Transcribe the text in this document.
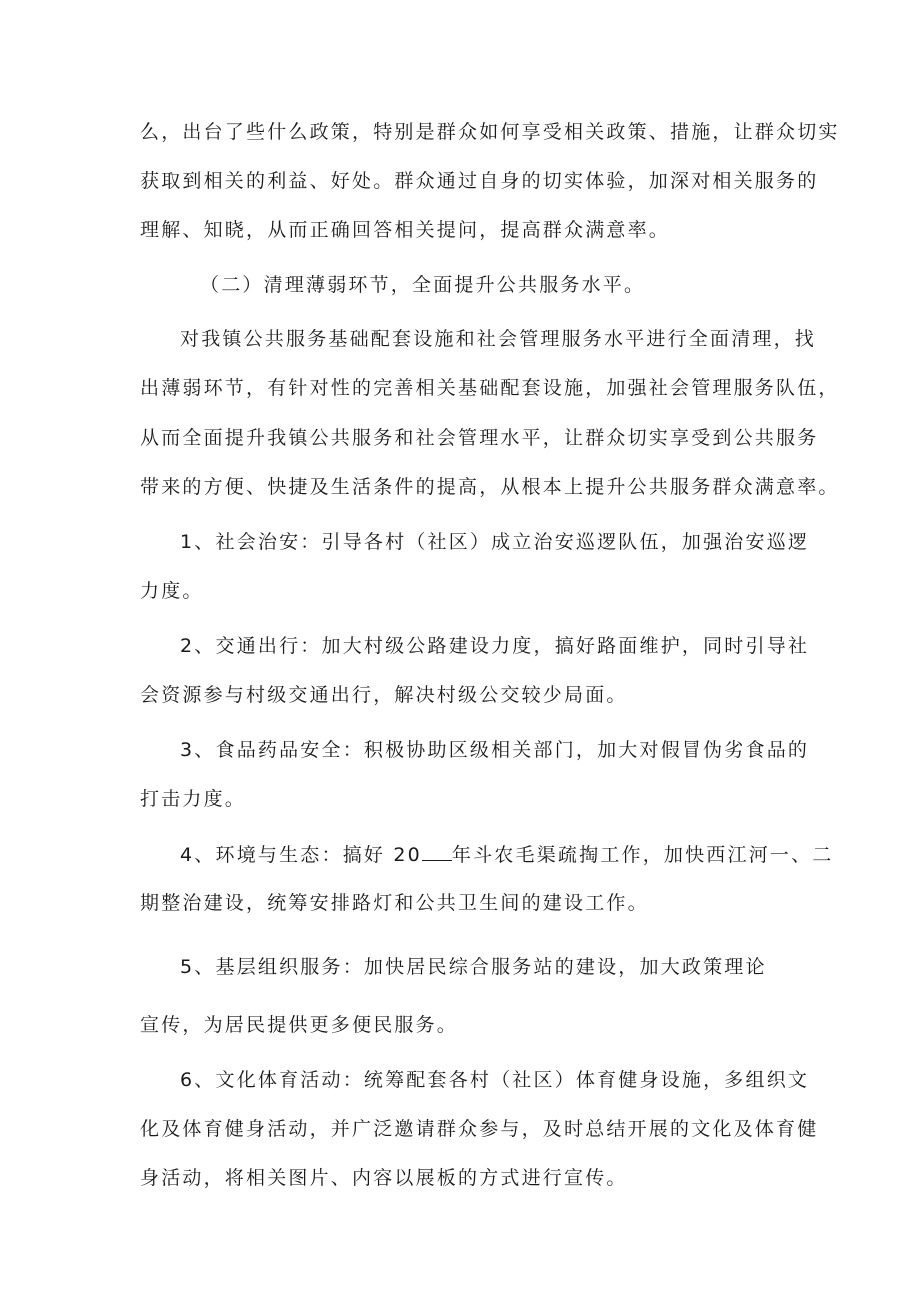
么，出台了些什么政策，特别是群众如何享受相关政策、措施，让群众切实
获取到相关的利益、好处。群众通过自身的切实体验，加深对相关服务的
理解、知晓，从而正确回答相关提问，提高群众满意率。
（二）清理薄弱环节，全面提升公共服务水平。
对我镇公共服务基础配套设施和社会管理服务水平进行全面清理，找
出薄弱环节，有针对性的完善相关基础配套设施，加强社会管理服务队伍，
从而全面提升我镇公共服务和社会管理水平，让群众切实享受到公共服务
带来的方便、快捷及生活条件的提高，从根本上提升公共服务群众满意率。
1、社会治安：引导各村（社区）成立治安巡逻队伍，加强治安巡逻
力度。
2、交通出行：加大村级公路建设力度，搞好路面维护，同时引导社
会资源参与村级交通出行，解决村级公交较少局面。
3、食品药品安全：积极协助区级相关部门，加大对假冒伪劣食品的
打击力度。
4、环境与生态：搞好 20 年斗农毛渠疏掏工作，加快西江河一、二
期整治建设，统筹安排路灯和公共卫生间的建设工作。
5、基层组织服务：加快居民综合服务站的建设，加大政策理论
宣传，为居民提供更多便民服务。
6、文化体育活动：统筹配套各村（社区）体育健身设施，多组织文
化及体育健身活动，并广泛邀请群众参与，及时总结开展的文化及体育健
身活动，将相关图片、内容以展板的方式进行宣传。
